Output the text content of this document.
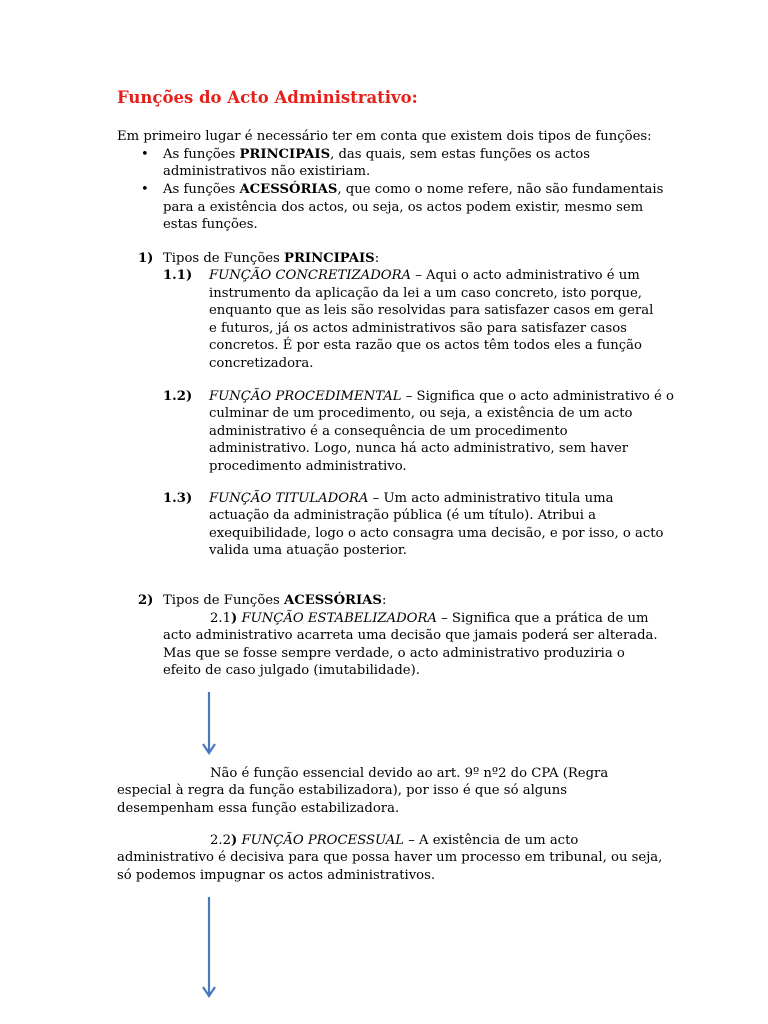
Funções do Acto Administrativo:
Em primeiro lugar é necessário ter em conta que existem dois tipos de funções:
• As funções PRINCIPAIS, das quais, sem estas funções os actos
administrativos não existiriam.
• As funções ACESSÓRIAS, que como o nome refere, não são fundamentais
para a existência dos actos, ou seja, os actos podem existir, mesmo sem
estas funções.
1) Tipos de Funções PRINCIPAIS:
1.1) FUNÇÃO CONCRETIZADORA – Aqui o acto administrativo é um
instrumento da aplicação da lei a um caso concreto, isto porque,
enquanto que as leis são resolvidas para satisfazer casos em geral
e futuros, já os actos administrativos são para satisfazer casos
concretos. É por esta razão que os actos têm todos eles a função
concretizadora.
1.2) FUNÇÃO PROCEDIMENTAL – Significa que o acto administrativo é o
culminar de um procedimento, ou seja, a existência de um acto
administrativo é a consequência de um procedimento
administrativo. Logo, nunca há acto administrativo, sem haver
procedimento administrativo.
1.3) FUNÇÃO TITULADORA – Um acto administrativo titula uma
actuação da administração pública (é um título). Atribui a
exequibilidade, logo o acto consagra uma decisão, e por isso, o acto
valida uma atuação posterior.
2) Tipos de Funções ACESSÓRIAS:
2.1) FUNÇÃO ESTABELIZADORA – Significa que a prática de um
acto administrativo acarreta uma decisão que jamais poderá ser alterada.
Mas que se fosse sempre verdade, o acto administrativo produziria o
efeito de caso julgado (imutabilidade).
Não é função essencial devido ao art. 9º nº2 do CPA (Regra
especial à regra da função estabilizadora), por isso é que só alguns
desempenham essa função estabilizadora.
2.2) FUNÇÃO PROCESSUAL – A existência de um acto
administrativo é decisiva para que possa haver um processo em tribunal, ou seja,
só podemos impugnar os actos administrativos.
